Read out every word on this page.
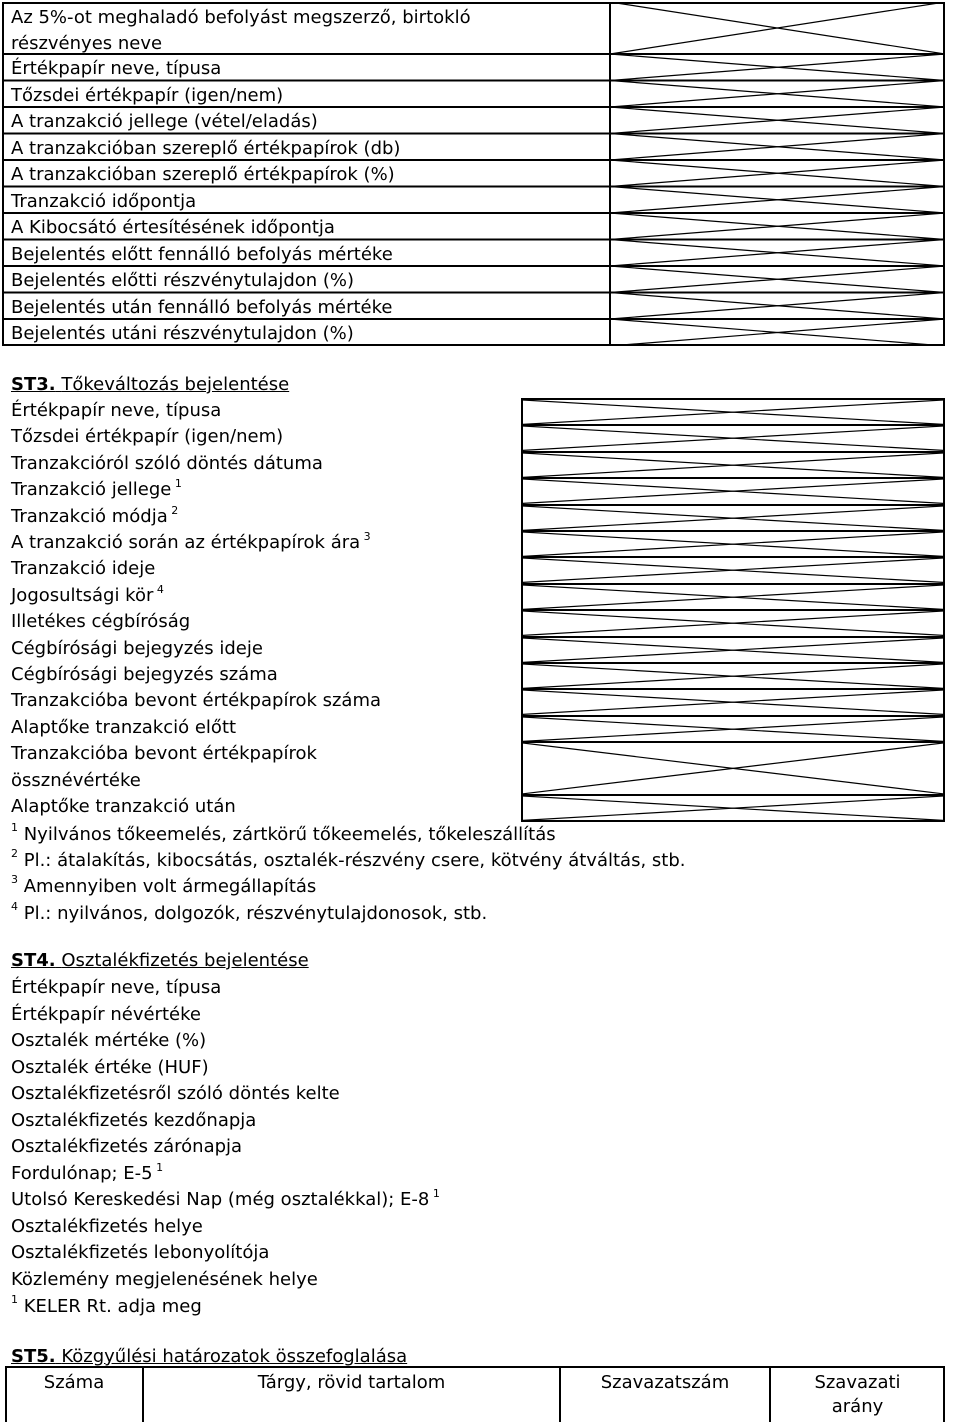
Az 5%-ot meghaladó befolyást megszerző, birtokló
részvényes neve
Értékpapír neve, típusa
Tőzsdei értékpapír (igen/nem)
A tranzakció jellege (vétel/eladás)
A tranzakcióban szereplő értékpapírok (db)
A tranzakcióban szereplő értékpapírok (%)
Tranzakció időpontja
A Kibocsátó értesítésének időpontja
Bejelentés előtt fennálló befolyás mértéke
Bejelentés előtti részvénytulajdon (%)
Bejelentés után fennálló befolyás mértéke
Bejelentés utáni részvénytulajdon (%)
ST3. Tőkeváltozás bejelentése
Értékpapír neve, típusa
Tőzsdei értékpapír (igen/nem)
Tranzakcióról szóló döntés dátuma
Tranzakció jellege $^1$
Tranzakció módja $^2$
A tranzakció során az értékpapírok ára $^3$
Tranzakció ideje
Jogosultsági kör $^4$
Illetékes cégbíróság
Cégbírósági bejegyzés ideje
Cégbírósági bejegyzés száma
Tranzakcióba bevont értékpapírok száma
Alaptőke tranzakció előtt
Tranzakcióba bevont értékpapírok
össznévértéke
Alaptőke tranzakció után
$^1$ Nyilvános tőkeemelés, zártkörű tőkeemelés, tőkeleszállítás
$^2$ Pl.: átalakítás, kibocsátás, osztalék-részvény csere, kötvény átváltás, stb.
$^3$ Amennyiben volt ármegállapítás
$^4$ Pl.: nyilvános, dolgozók, részvénytulajdonosok, stb.
ST4. Osztalékfizetés bejelentése
Értékpapír neve, típusa
Értékpapír névértéke
Osztalék mértéke (%)
Osztalék értéke (HUF)
Osztalékfizetésről szóló döntés kelte
Osztalékfizetés kezdőnapja
Osztalékfizetés zárónapja
Fordulónap; E-5 $^1$
Utolsó Kereskedési Nap (még osztalékkal); E-8 $^1$
Osztalékfizetés helye
Osztalékfizetés lebonyolítója
Közlemény megjelenésének helye
$^1$ KELER Rt. adja meg
ST5. Közgyűlési határozatok összefoglalása
Száma	Tárgy, rövid tartalom	Szavazatszám	Szavazati
arány
